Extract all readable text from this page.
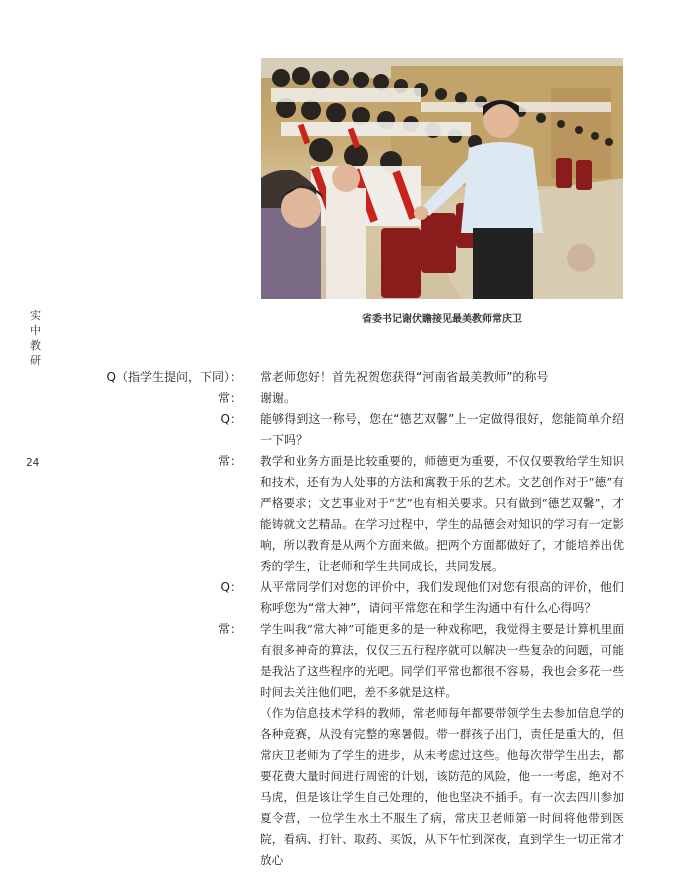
省委书记谢伏瞻接见最美教师常庆卫
实
中
教
研
24
Q（指学生提问，下同）： 常老师您好！首先祝贺您获得“河南省最美教师”的称号
常： 谢谢。
Q： 能够得到这一称号，您在“德艺双馨”上一定做得很好，您能简单介绍一下吗？
常： 教学和业务方面是比较重要的，师德更为重要，不仅仅要教给学生知识和技术，还有为人处事的方法和寓教于乐的艺术。文艺创作对于“德”有严格要求；文艺事业对于“艺”也有相关要求。只有做到“德艺双馨”，才能铸就文艺精品。在学习过程中，学生的品德会对知识的学习有一定影响，所以教育是从两个方面来做。把两个方面都做好了，才能培养出优秀的学生，让老师和学生共同成长，共同发展。
Q： 从平常同学们对您的评价中，我们发现他们对您有很高的评价，他们称呼您为“常大神”，请问平常您在和学生沟通中有什么心得吗？
常： 学生叫我“常大神”可能更多的是一种戏称吧，我觉得主要是计算机里面有很多神奇的算法，仅仅三五行程序就可以解决一些复杂的问题，可能是我沾了这些程序的光吧。同学们平常也都很不容易，我也会多花一些时间去关注他们吧，差不多就是这样。
（作为信息技术学科的教师，常老师每年都要带领学生去参加信息学的各种竞赛，从没有完整的寒暑假。带一群孩子出门，责任是重大的，但常庆卫老师为了学生的进步，从未考虑过这些。他每次带学生出去，都要花费大量时间进行周密的计划，该防范的风险，他一一考虑，绝对不马虎，但是该让学生自己处理的，他也坚决不插手。有一次去四川参加夏令营，一位学生水土不服生了病，常庆卫老师第一时间将他带到医院，看病、打针、取药、买饭，从下午忙到深夜，直到学生一切正常才放心
